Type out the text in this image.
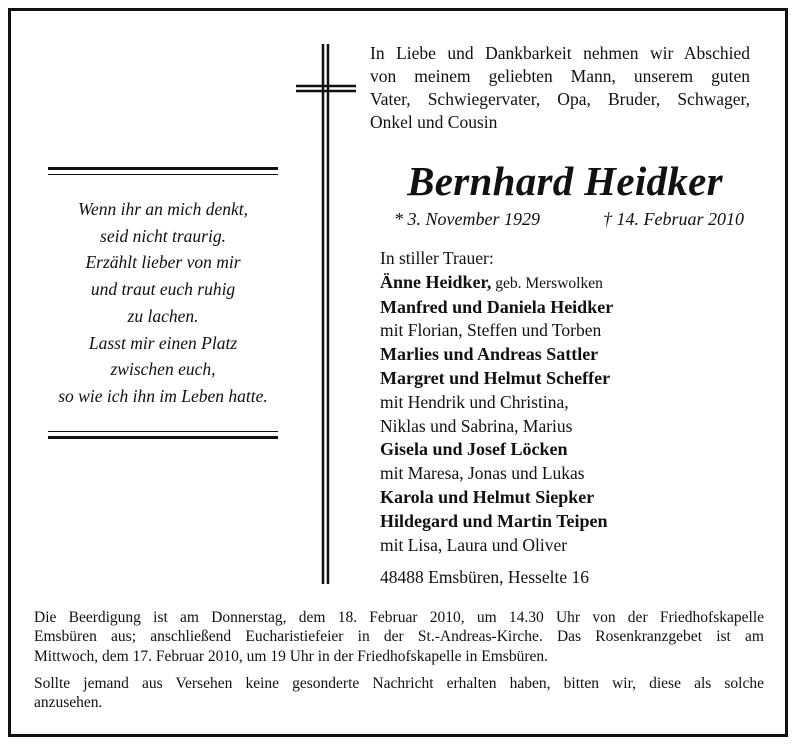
In Liebe und Dankbarkeit nehmen wir Abschied
von meinem geliebten Mann, unserem guten
Vater, Schwiegervater, Opa, Bruder, Schwager,
Onkel und Cousin
Bernhard Heidker
* 3. November 1929	† 14. Februar 2010
Wenn ihr an mich denkt,
seid nicht traurig.
Erzählt lieber von mir
und traut euch ruhig
zu lachen.
Lasst mir einen Platz
zwischen euch,
so wie ich ihn im Leben hatte.
In stiller Trauer:
Änne Heidker, geb. Merswolken
Manfred und Daniela Heidker
mit Florian, Steffen und Torben
Marlies und Andreas Sattler
Margret und Helmut Scheffer
mit Hendrik und Christina,
Niklas und Sabrina, Marius
Gisela und Josef Löcken
mit Maresa, Jonas und Lukas
Karola und Helmut Siepker
Hildegard und Martin Teipen
mit Lisa, Laura und Oliver
48488 Emsbüren, Hesselte 16

Die Beerdigung ist am Donnerstag, dem 18. Februar 2010, um 14.30 Uhr von der Friedhofskapelle
Emsbüren aus; anschließend Eucharistiefeier in der St.-Andreas-Kirche. Das Rosenkranzgebet ist am
Mittwoch, dem 17. Februar 2010, um 19 Uhr in der Friedhofskapelle in Emsbüren.

Sollte jemand aus Versehen keine gesonderte Nachricht erhalten haben, bitten wir, diese als solche
anzusehen.
